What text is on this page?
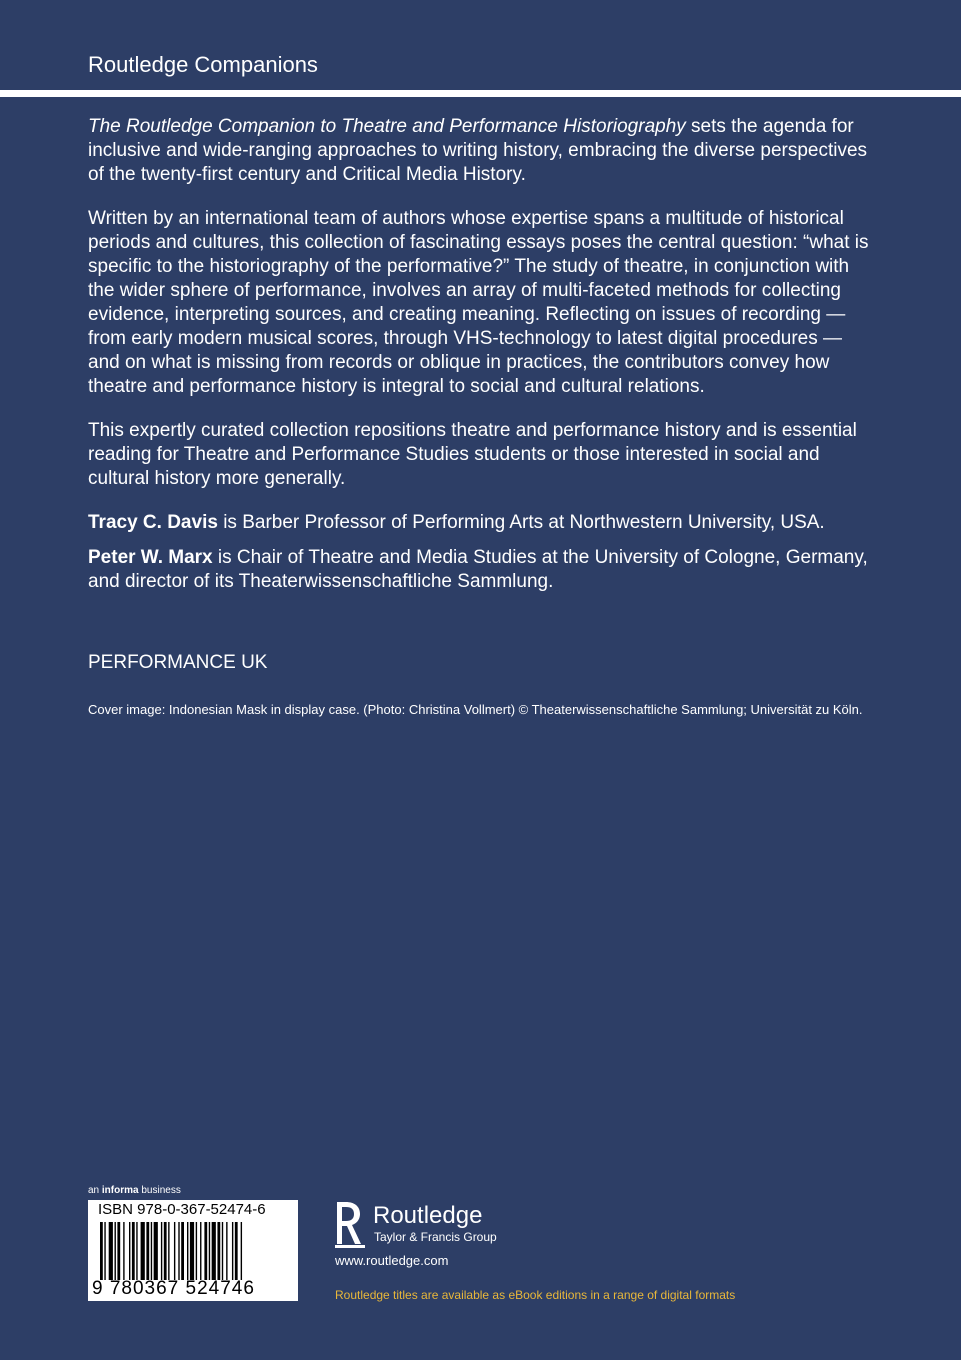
Routledge Companions

The Routledge Companion to Theatre and Performance Historiography sets the agenda for inclusive and wide-ranging approaches to writing history, embracing the diverse perspectives of the twenty-first century and Critical Media History.

Written by an international team of authors whose expertise spans a multitude of historical periods and cultures, this collection of fascinating essays poses the central question: “what is specific to the historiography of the performative?” The study of theatre, in conjunction with the wider sphere of performance, involves an array of multi-faceted methods for collecting evidence, interpreting sources, and creating meaning. Reflecting on issues of recording — from early modern musical scores, through VHS-technology to latest digital procedures — and on what is missing from records or oblique in practices, the contributors convey how theatre and performance history is integral to social and cultural relations.

This expertly curated collection repositions theatre and performance history and is essential reading for Theatre and Performance Studies students or those interested in social and cultural history more generally.

Tracy C. Davis is Barber Professor of Performing Arts at Northwestern University, USA.

Peter W. Marx is Chair of Theatre and Media Studies at the University of Cologne, Germany, and director of its Theaterwissenschaftliche Sammlung.

PERFORMANCE UK
Cover image: Indonesian Mask in display case. (Photo: Christina Vollmert) © Theaterwissenschaftliche Sammlung; Universität zu Köln.
an informa business
ISBN 978-0-367-52474-6
9 780367 524746
Routledge
Taylor & Francis Group
www.routledge.com
Routledge titles are available as eBook editions in a range of digital formats
